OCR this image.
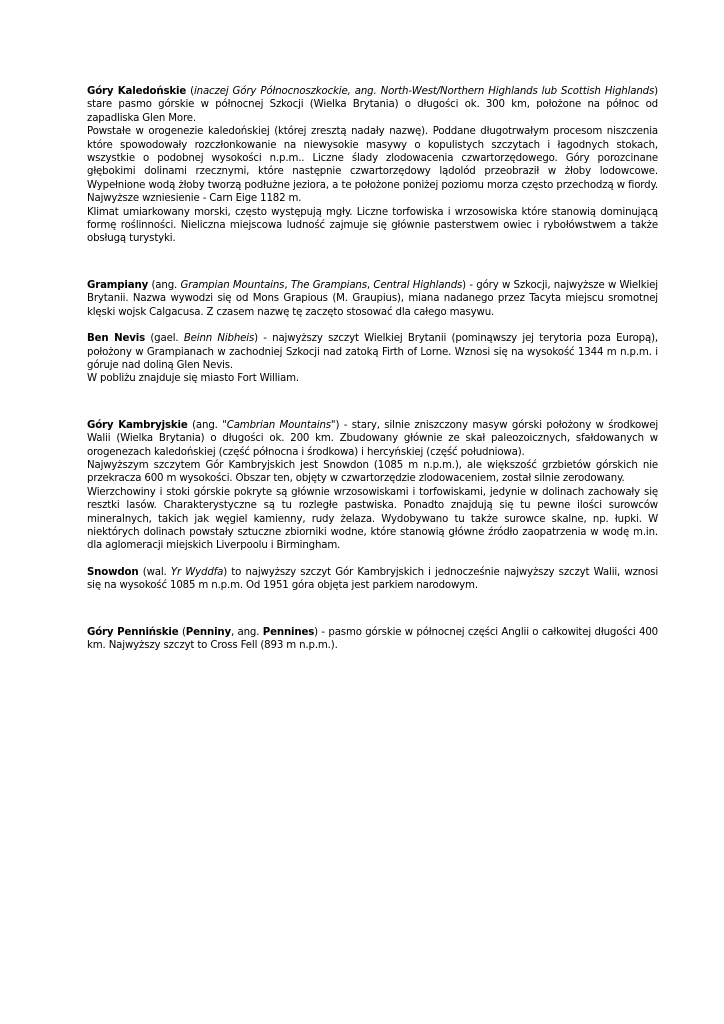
Góry Kaledońskie (inaczej Góry Północnoszkockie, ang. North-West/Northern Highlands lub Scottish Highlands) stare pasmo górskie w północnej Szkocji (Wielka Brytania) o długości ok. 300 km, położone na północ od zapadliska Glen More.

Powstałe w orogenezie kaledońskiej (której zresztą nadały nazwę). Poddane długotrwałym procesom niszczenia które spowodowały rozczłonkowanie na niewysokie masywy o kopulistych szczytach i łagodnych stokach, wszystkie o podobnej wysokości n.p.m.. Liczne ślady zlodowacenia czwartorzędowego. Góry porozcinane głębokimi dolinami rzecznymi, które następnie czwartorzędowy lądolód przeobraził w żłoby lodowcowe. Wypełnione wodą żłoby tworzą podłużne jeziora, a te położone poniżej poziomu morza często przechodzą w fiordy. Najwyższe wzniesienie - Carn Eige 1182 m.

Klimat umiarkowany morski, często występują mgły. Liczne torfowiska i wrzosowiska które stanowią dominującą formę roślinności. Nieliczna miejscowa ludność zajmuje się głównie pasterstwem owiec i rybołówstwem a także obsługą turystyki.

Grampiany (ang. Grampian Mountains, The Grampians, Central Highlands) - góry w Szkocji, najwyższe w Wielkiej Brytanii. Nazwa wywodzi się od Mons Grapious (M. Graupius), miana nadanego przez Tacyta miejscu sromotnej klęski wojsk Calgacusa. Z czasem nazwę tę zaczęto stosować dla całego masywu.

Ben Nevis (gael. Beinn Nibheis) - najwyższy szczyt Wielkiej Brytanii (pominąwszy jej terytoria poza Europą), położony w Grampianach w zachodniej Szkocji nad zatoką Firth of Lorne. Wznosi się na wysokość 1344 m n.p.m. i góruje nad doliną Glen Nevis.

W pobliżu znajduje się miasto Fort William.

Góry Kambryjskie (ang. "Cambrian Mountains") - stary, silnie zniszczony masyw górski położony w środkowej Walii (Wielka Brytania) o długości ok. 200 km. Zbudowany głównie ze skał paleozoicznych, sfałdowanych w orogenezach kaledońskiej (część północna i środkowa) i hercyńskiej (część południowa).

Najwyższym szczytem Gór Kambryjskich jest Snowdon (1085 m n.p.m.), ale większość grzbietów górskich nie przekracza 600 m wysokości. Obszar ten, objęty w czwartorzędzie zlodowaceniem, został silnie zerodowany.

Wierzchowiny i stoki górskie pokryte są głównie wrzosowiskami i torfowiskami, jedynie w dolinach zachowały się resztki lasów. Charakterystyczne są tu rozległe pastwiska. Ponadto znajdują się tu pewne ilości surowców mineralnych, takich jak węgiel kamienny, rudy żelaza. Wydobywano tu także surowce skalne, np. łupki. W niektórych dolinach powstały sztuczne zbiorniki wodne, które stanowią główne źródło zaopatrzenia w wodę m.in. dla aglomeracji miejskich Liverpoolu i Birmingham.

Snowdon (wal. Yr Wyddfa) to najwyższy szczyt Gór Kambryjskich i jednocześnie najwyższy szczyt Walii, wznosi się na wysokość 1085 m n.p.m. Od 1951 góra objęta jest parkiem narodowym.

Góry Pennińskie (Penniny, ang. Pennines) - pasmo górskie w północnej części Anglii o całkowitej długości 400 km. Najwyższy szczyt to Cross Fell (893 m n.p.m.).
